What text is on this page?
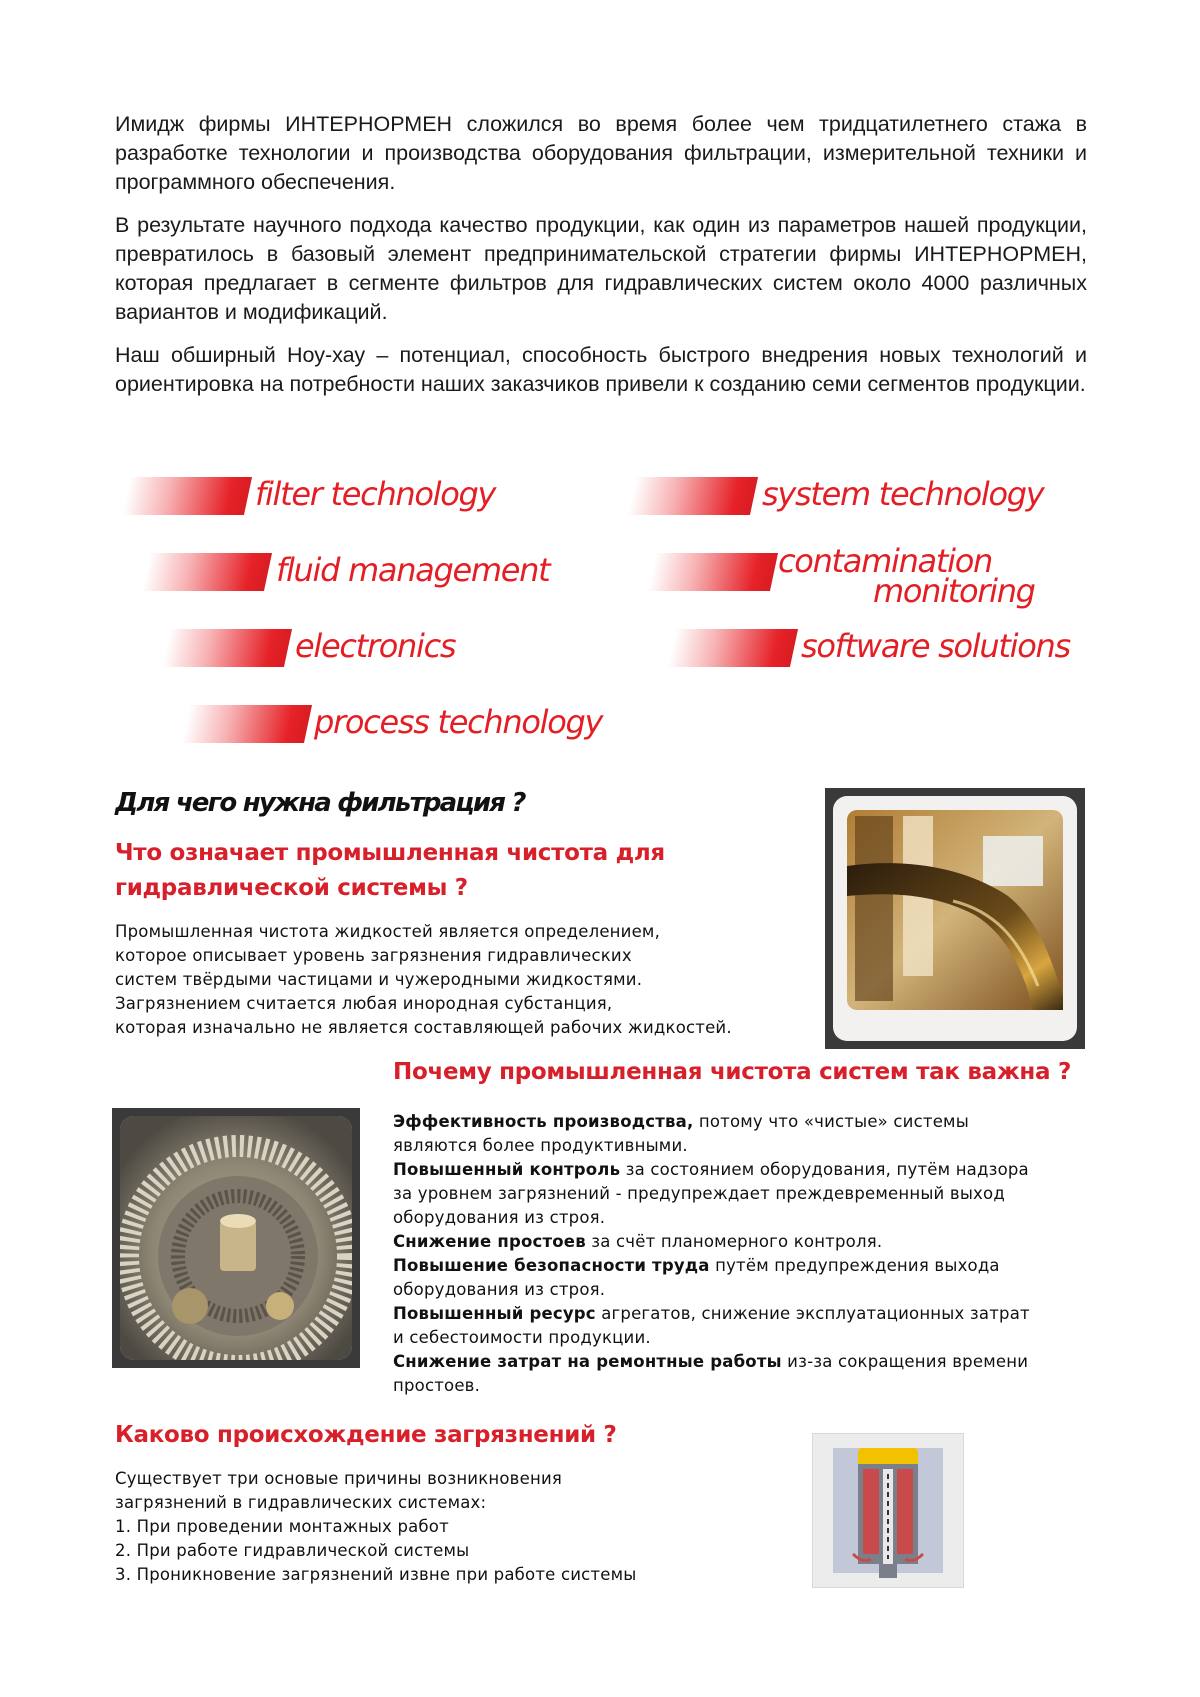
Имидж фирмы ИНТЕРНОРМЕН сложился во время более чем тридцатилетнего стажа в разработке технологии и производства оборудования фильтрации, измерительной техники и программного обеспечения.

В результате научного подхода качество продукции, как один из параметров нашей продукции, превратилось в базовый элемент предпринимательской стратегии фирмы ИНТЕРНОРМЕН, которая предлагает в сегменте фильтров для гидравлических систем около 4000 различных вариантов и модификаций.

Наш обширный Ноу-хау – потенциал, способность быстрого внедрения новых технологий и ориентировка на потребности наших заказчиков привели к созданию семи сегментов продукции.

filter technology	system technology
fluid management	contamination
monitoring
electronics	software solutions
process technology
Для чего нужна фильтрация ?

Что означает промышленная чистота для

гидравлической системы ?

Промышленная чистота жидкостей является определением,

которое описывает уровень загрязнения гидравлических

систем твёрдыми частицами и чужеродными жидкостями.

Загрязнением считается любая инородная субстанция,

которая изначально не является составляющей рабочих жидкостей.

Почему промышленная чистота систем так важна ?

Эффективность производства, потому что «чистые» системы

являются более продуктивными.

Повышенный контроль за состоянием оборудования, путём надзора

за уровнем загрязнений - предупреждает преждевременный выход

оборудования из строя.

Снижение простоев за счёт планомерного контроля.

Повышение безопасности труда путём предупреждения выхода

оборудования из строя.

Повышенный ресурс агрегатов, снижение эксплуатационных затрат

и себестоимости продукции.

Снижение затрат на ремонтные работы из-за сокращения времени

простоев.

Каково происхождение загрязнений ?

Существует три основые причины возникновения

загрязнений в гидравлических системах:

1. При проведении монтажных работ

2. При работе гидравлической системы

3. Проникновение загрязнений извне при работе системы
